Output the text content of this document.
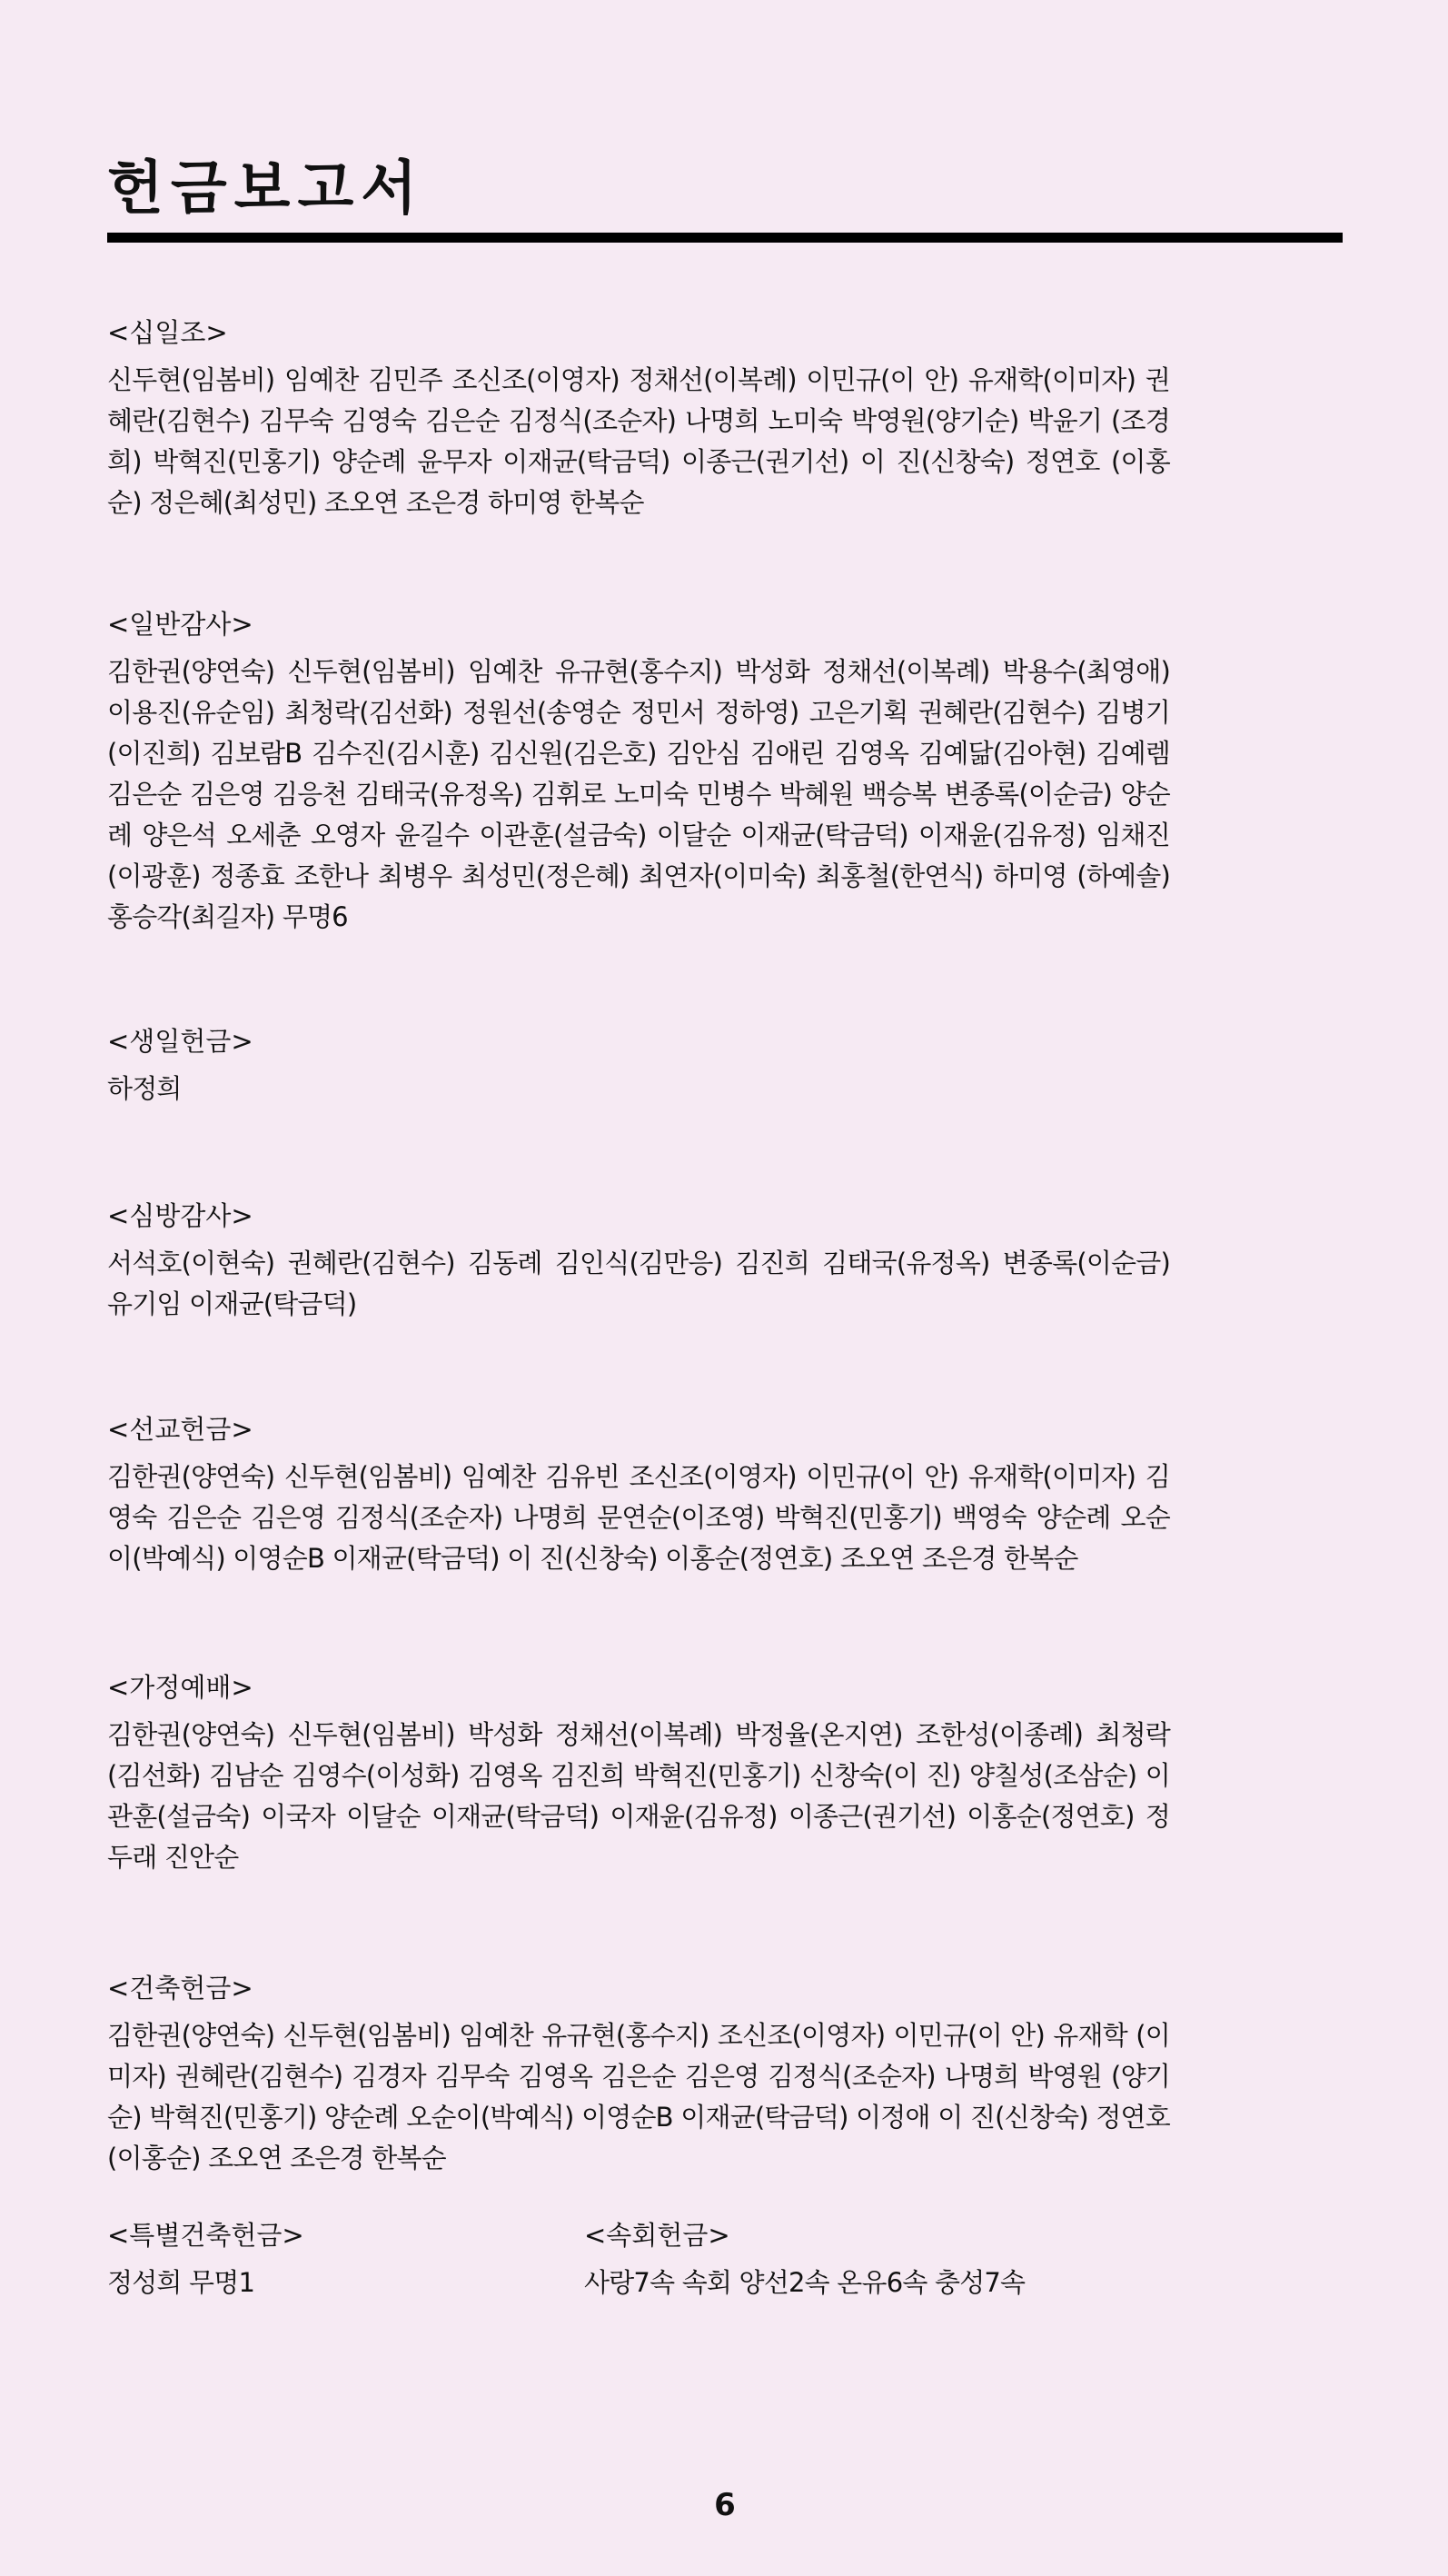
헌금보고서
<십일조>

신두현(임봄비) 임예찬 김민주 조신조(이영자) 정채선(이복례) 이민규(이 안) 유재학(이미자) 권혜란(김현수) 김무숙 김영숙 김은순 김정식(조순자) 나명희 노미숙 박영원(양기순) 박윤기 (조경희) 박혁진(민홍기) 양순례 윤무자 이재균(탁금덕) 이종근(권기선) 이 진(신창숙) 정연호 (이홍순) 정은혜(최성민) 조오연 조은경 하미영 한복순

<일반감사>

김한권(양연숙) 신두현(임봄비) 임예찬 유규현(홍수지) 박성화 정채선(이복례) 박용수(최영애) 이용진(유순임) 최청락(김선화) 정원선(송영순 정민서 정하영) 고은기획 권혜란(김현수) 김병기 (이진희) 김보람B 김수진(김시훈) 김신원(김은호) 김안심 김애린 김영옥 김예닮(김아현) 김예렘 김은순 김은영 김응천 김태국(유정옥) 김휘로 노미숙 민병수 박혜원 백승복 변종록(이순금) 양순례 양은석 오세춘 오영자 윤길수 이관훈(설금숙) 이달순 이재균(탁금덕) 이재윤(김유정) 임채진(이광훈) 정종효 조한나 최병우 최성민(정은혜) 최연자(이미숙) 최홍철(한연식) 하미영 (하예솔) 홍승각(최길자) 무명6

<생일헌금>

하정희

<심방감사>

서석호(이현숙) 권혜란(김현수) 김동례 김인식(김만응) 김진희 김태국(유정옥) 변종록(이순금) 유기임 이재균(탁금덕)

<선교헌금>

김한권(양연숙) 신두현(임봄비) 임예찬 김유빈 조신조(이영자) 이민규(이 안) 유재학(이미자) 김영숙 김은순 김은영 김정식(조순자) 나명희 문연순(이조영) 박혁진(민홍기) 백영숙 양순례 오순이(박예식) 이영순B 이재균(탁금덕) 이 진(신창숙) 이홍순(정연호) 조오연 조은경 한복순

<가정예배>

김한권(양연숙) 신두현(임봄비) 박성화 정채선(이복례) 박정율(온지연) 조한성(이종례) 최청락 (김선화) 김남순 김영수(이성화) 김영옥 김진희 박혁진(민홍기) 신창숙(이 진) 양칠성(조삼순) 이관훈(설금숙) 이국자 이달순 이재균(탁금덕) 이재윤(김유정) 이종근(권기선) 이홍순(정연호) 정두래 진안순

<건축헌금>

김한권(양연숙) 신두현(임봄비) 임예찬 유규현(홍수지) 조신조(이영자) 이민규(이 안) 유재학 (이미자) 권혜란(김현수) 김경자 김무숙 김영옥 김은순 김은영 김정식(조순자) 나명희 박영원 (양기순) 박혁진(민홍기) 양순례 오순이(박예식) 이영순B 이재균(탁금덕) 이정애 이 진(신창숙) 정연호(이홍순) 조오연 조은경 한복순

<특별건축헌금>

정성희 무명1

<속회헌금>

사랑7속 속회 양선2속 온유6속 충성7속

6
